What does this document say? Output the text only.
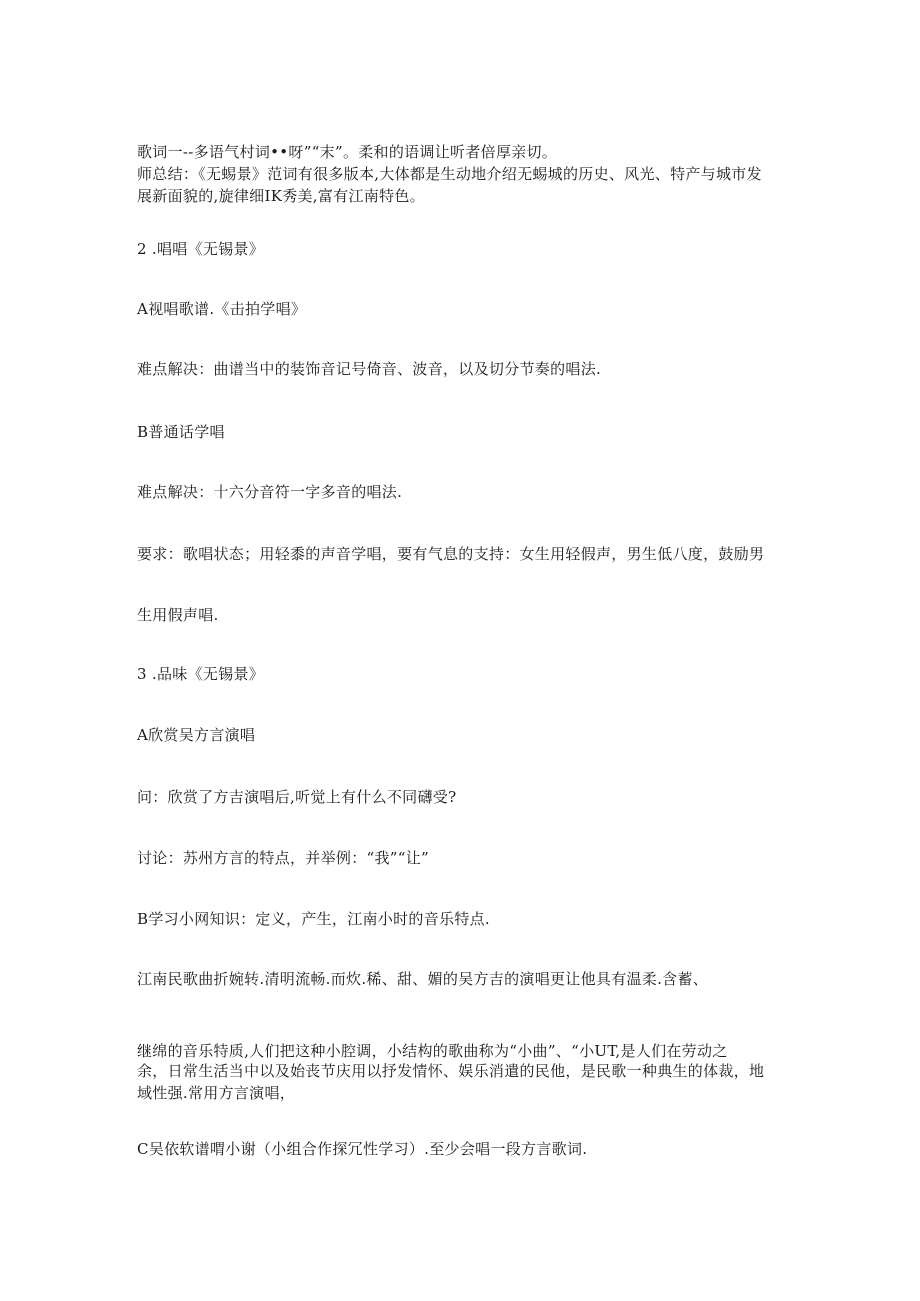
歌词一--多语气村词••呀”“末”。柔和的语调让听者倍厚亲切。
师总结：《无蜴景》范词有很多版本,大体都是生动地介绍无蜴城的历史、风光、特产与城市发
展新面貌的,旋律细IK秀美,富有江南特色。
2 .唱唱《无锡景》
A视唱歌谱.《击拍学唱》
难点解决：曲谱当中的装饰音记号倚音、波音，以及切分节奏的唱法.
B普通话学唱
难点解决：十六分音符一字多音的唱法.
要求：歌唱状态；用轻黍的声音学唱，要有气息的支持：女生用轻假声，男生低八度，鼓励男
生用假声唱.
3 .品味《无锡景》
A欣赏吴方言演唱
问：欣赏了方吉演唱后,听觉上有什么不同礴受?
讨论：苏州方言的特点，并举例：“我”“让”
B学习小网知识：定义，产生，江南小时的音乐特点.
江南民歌曲折婉转.清明流畅.而炊.稀、甜、媚的吴方吉的演唱更让他具有温柔.含蓄、
继绵的音乐特质,人们把这种小腔调，小结构的歌曲称为“小曲”、“小UT,是人们在劳动之
余，日常生活当中以及始丧节庆用以抒发情怀、娱乐消遣的民他，是民歌一种典生的体裁，地
域性强.常用方言演唱，
C吴依软谱喟小谢（小组合作探冗性学习）.至少会唱一段方言歌词.
